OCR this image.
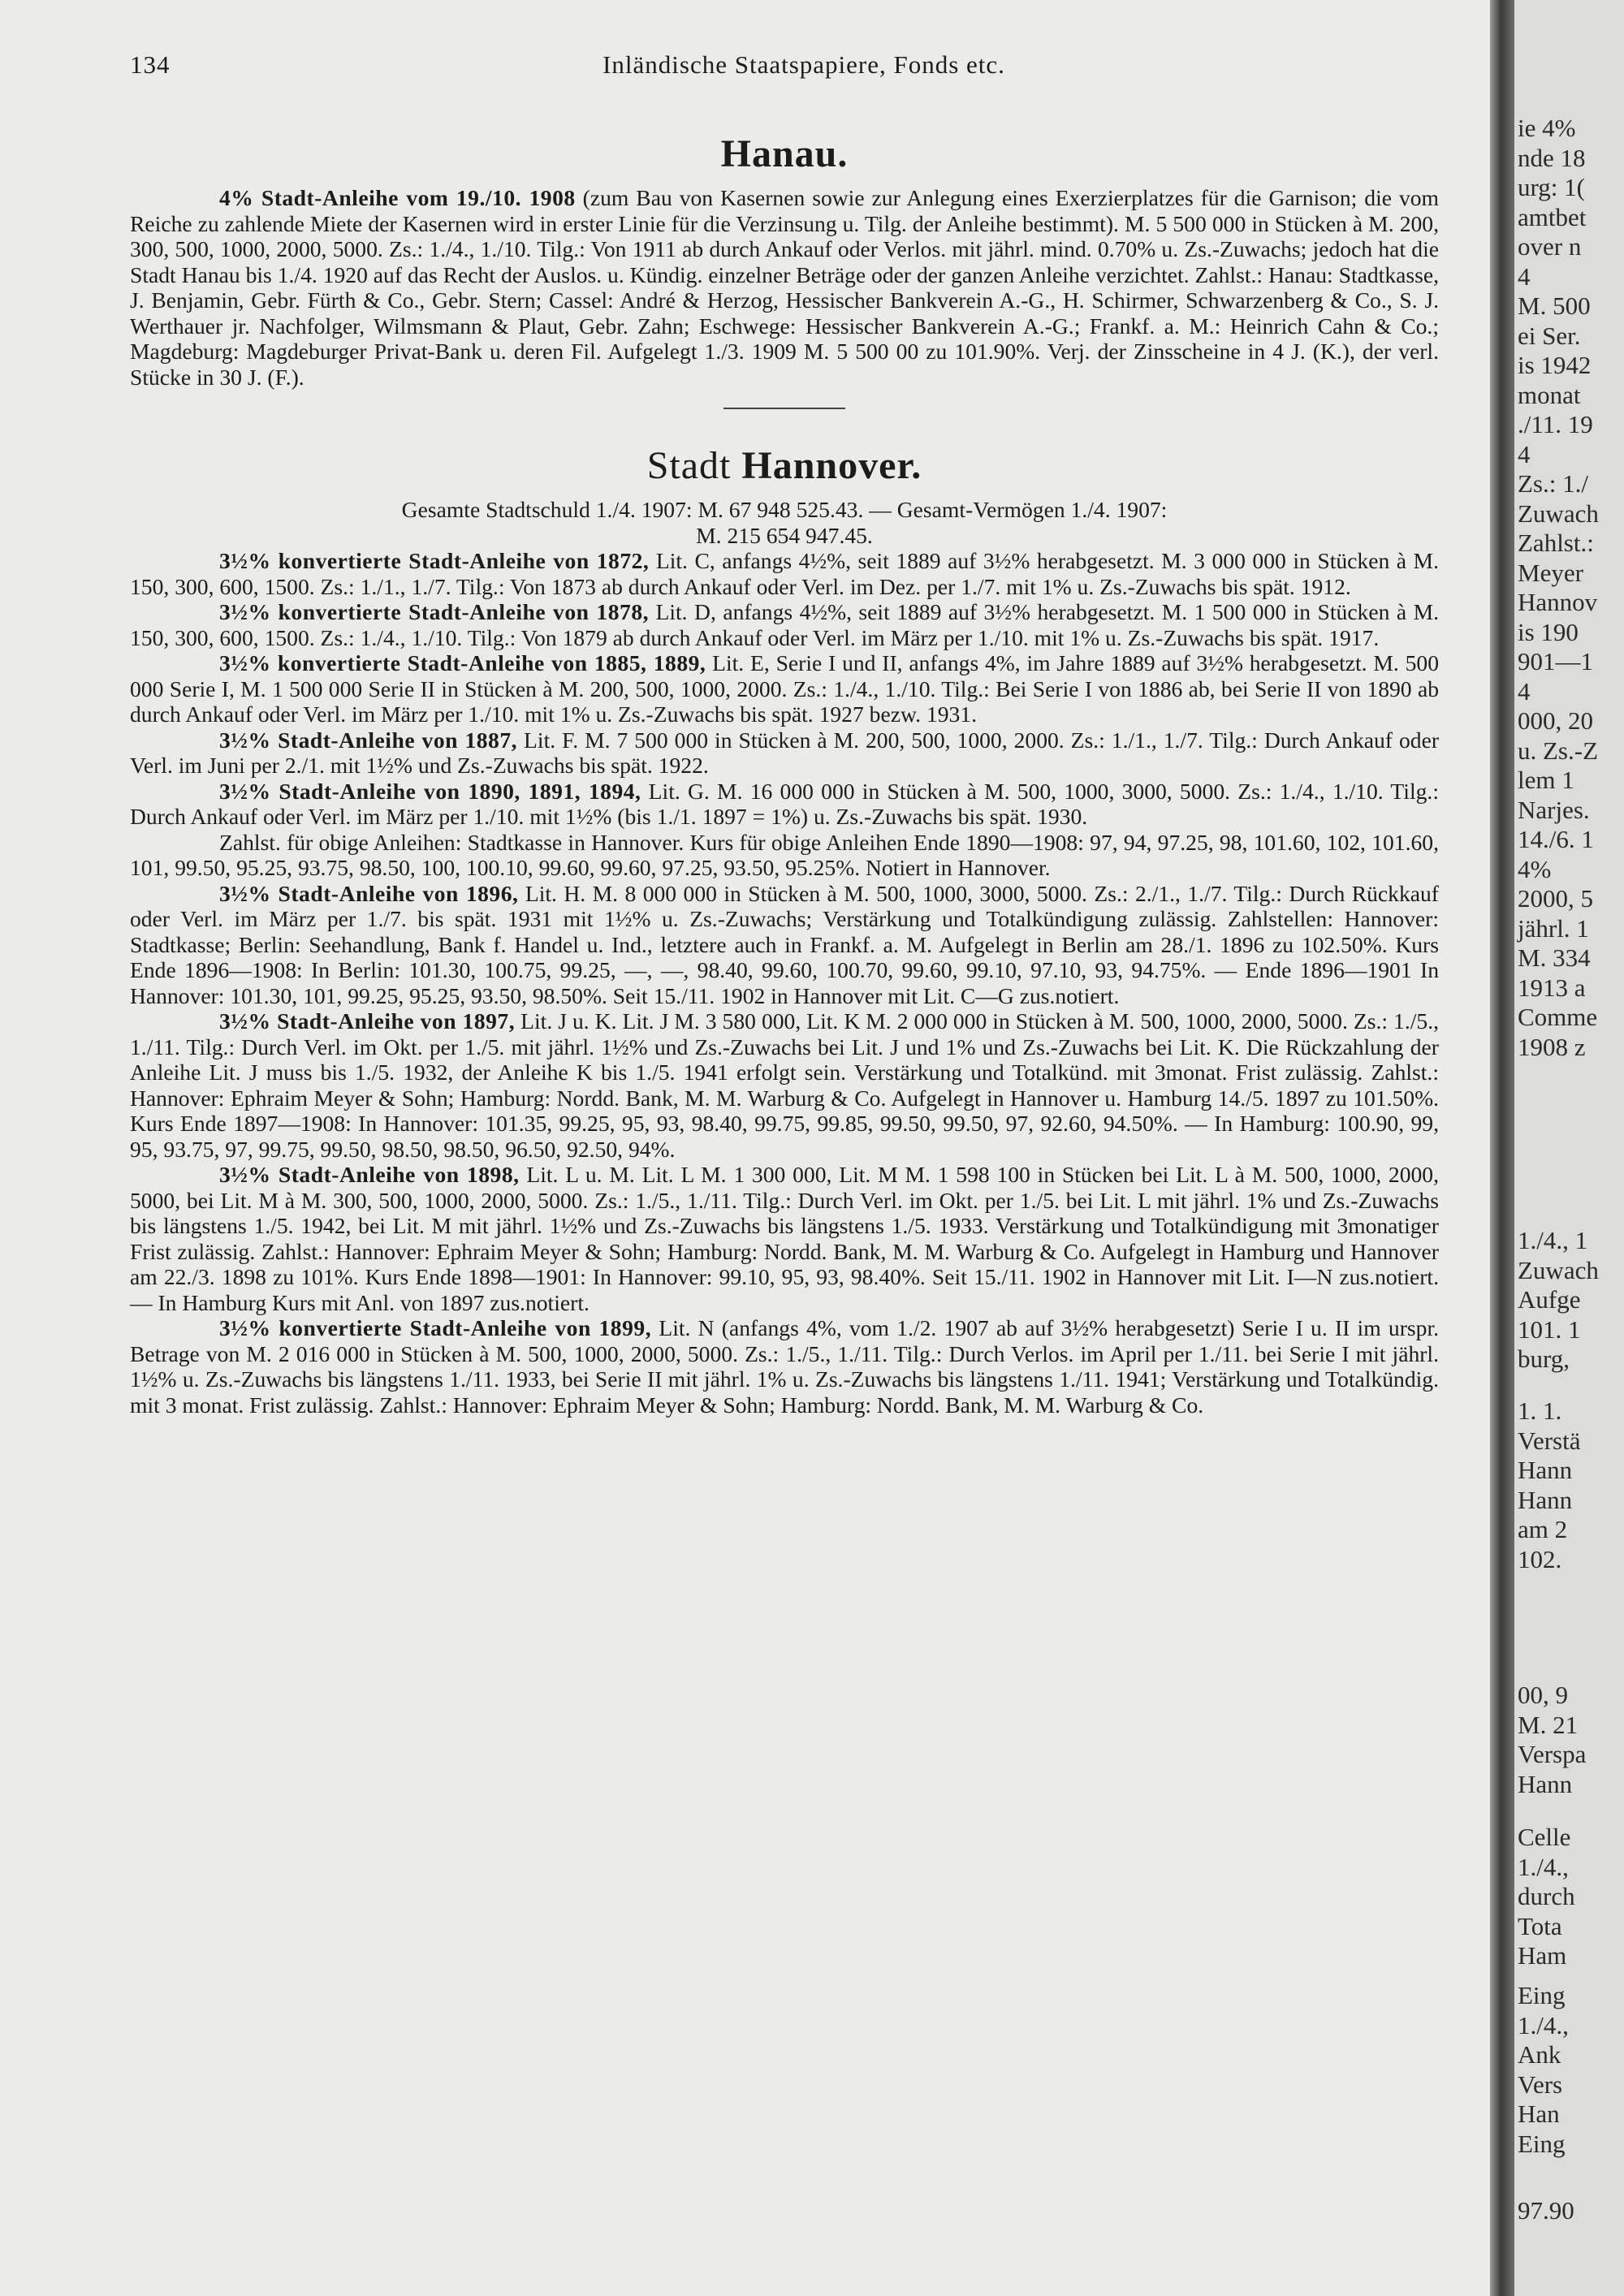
134	Inländische Staatspapiere, Fonds etc.
Hanau.

4% Stadt-Anleihe vom 19./10. 1908 (zum Bau von Kasernen sowie zur Anlegung eines Exerzierplatzes für die Garnison; die vom Reiche zu zahlende Miete der Kasernen wird in erster Linie für die Verzinsung u. Tilg. der Anleihe bestimmt). M. 5 500 000 in Stücken à M. 200, 300, 500, 1000, 2000, 5000. Zs.: 1./4., 1./10. Tilg.: Von 1911 ab durch Ankauf oder Verlos. mit jährl. mind. 0.70% u. Zs.-Zuwachs; jedoch hat die Stadt Hanau bis 1./4. 1920 auf das Recht der Auslos. u. Kündig. einzelner Beträge oder der ganzen Anleihe verzichtet. Zahlst.: Hanau: Stadtkasse, J. Benjamin, Gebr. Fürth & Co., Gebr. Stern; Cassel: André & Herzog, Hessischer Bankverein A.-G., H. Schirmer, Schwarzenberg & Co., S. J. Werthauer jr. Nachfolger, Wilmsmann & Plaut, Gebr. Zahn; Eschwege: Hessischer Bankverein A.-G.; Frankf. a. M.: Heinrich Cahn & Co.; Magdeburg: Magdeburger Privat-Bank u. deren Fil. Aufgelegt 1./3. 1909 M. 5 500 00 zu 101.90%. Verj. der Zinsscheine in 4 J. (K.), der verl. Stücke in 30 J. (F.).

Stadt Hannover.

Gesamte Stadtschuld 1./4. 1907: M. 67 948 525.43. — Gesamt-Vermögen 1./4. 1907:

M. 215 654 947.45.

3½% konvertierte Stadt-Anleihe von 1872, Lit. C, anfangs 4½%, seit 1889 auf 3½% herabgesetzt. M. 3 000 000 in Stücken à M. 150, 300, 600, 1500. Zs.: 1./1., 1./7. Tilg.: Von 1873 ab durch Ankauf oder Verl. im Dez. per 1./7. mit 1% u. Zs.-Zuwachs bis spät. 1912.

3½% konvertierte Stadt-Anleihe von 1878, Lit. D, anfangs 4½%, seit 1889 auf 3½% herabgesetzt. M. 1 500 000 in Stücken à M. 150, 300, 600, 1500. Zs.: 1./4., 1./10. Tilg.: Von 1879 ab durch Ankauf oder Verl. im März per 1./10. mit 1% u. Zs.-Zuwachs bis spät. 1917.

3½% konvertierte Stadt-Anleihe von 1885, 1889, Lit. E, Serie I und II, anfangs 4%, im Jahre 1889 auf 3½% herabgesetzt. M. 500 000 Serie I, M. 1 500 000 Serie II in Stücken à M. 200, 500, 1000, 2000. Zs.: 1./4., 1./10. Tilg.: Bei Serie I von 1886 ab, bei Serie II von 1890 ab durch Ankauf oder Verl. im März per 1./10. mit 1% u. Zs.-Zuwachs bis spät. 1927 bezw. 1931.

3½% Stadt-Anleihe von 1887, Lit. F. M. 7 500 000 in Stücken à M. 200, 500, 1000, 2000. Zs.: 1./1., 1./7. Tilg.: Durch Ankauf oder Verl. im Juni per 2./1. mit 1½% und Zs.-Zuwachs bis spät. 1922.

3½% Stadt-Anleihe von 1890, 1891, 1894, Lit. G. M. 16 000 000 in Stücken à M. 500, 1000, 3000, 5000. Zs.: 1./4., 1./10. Tilg.: Durch Ankauf oder Verl. im März per 1./10. mit 1½% (bis 1./1. 1897 = 1%) u. Zs.-Zuwachs bis spät. 1930.

Zahlst. für obige Anleihen: Stadtkasse in Hannover. Kurs für obige Anleihen Ende 1890—1908: 97, 94, 97.25, 98, 101.60, 102, 101.60, 101, 99.50, 95.25, 93.75, 98.50, 100, 100.10, 99.60, 99.60, 97.25, 93.50, 95.25%. Notiert in Hannover.

3½% Stadt-Anleihe von 1896, Lit. H. M. 8 000 000 in Stücken à M. 500, 1000, 3000, 5000. Zs.: 2./1., 1./7. Tilg.: Durch Rückkauf oder Verl. im März per 1./7. bis spät. 1931 mit 1½% u. Zs.-Zuwachs; Verstärkung und Totalkündigung zulässig. Zahlstellen: Hannover: Stadtkasse; Berlin: Seehandlung, Bank f. Handel u. Ind., letztere auch in Frankf. a. M. Aufgelegt in Berlin am 28./1. 1896 zu 102.50%. Kurs Ende 1896—1908: In Berlin: 101.30, 100.75, 99.25, —, —, 98.40, 99.60, 100.70, 99.60, 99.10, 97.10, 93, 94.75%. — Ende 1896—1901 In Hannover: 101.30, 101, 99.25, 95.25, 93.50, 98.50%. Seit 15./11. 1902 in Hannover mit Lit. C—G zus.notiert.

3½% Stadt-Anleihe von 1897, Lit. J u. K. Lit. J M. 3 580 000, Lit. K M. 2 000 000 in Stücken à M. 500, 1000, 2000, 5000. Zs.: 1./5., 1./11. Tilg.: Durch Verl. im Okt. per 1./5. mit jährl. 1½% und Zs.-Zuwachs bei Lit. J und 1% und Zs.-Zuwachs bei Lit. K. Die Rückzahlung der Anleihe Lit. J muss bis 1./5. 1932, der Anleihe K bis 1./5. 1941 erfolgt sein. Verstärkung und Totalkünd. mit 3monat. Frist zulässig. Zahlst.: Hannover: Ephraim Meyer & Sohn; Hamburg: Nordd. Bank, M. M. Warburg & Co. Aufgelegt in Hannover u. Hamburg 14./5. 1897 zu 101.50%. Kurs Ende 1897—1908: In Hannover: 101.35, 99.25, 95, 93, 98.40, 99.75, 99.85, 99.50, 99.50, 97, 92.60, 94.50%. — In Hamburg: 100.90, 99, 95, 93.75, 97, 99.75, 99.50, 98.50, 98.50, 96.50, 92.50, 94%.

3½% Stadt-Anleihe von 1898, Lit. L u. M. Lit. L M. 1 300 000, Lit. M M. 1 598 100 in Stücken bei Lit. L à M. 500, 1000, 2000, 5000, bei Lit. M à M. 300, 500, 1000, 2000, 5000. Zs.: 1./5., 1./11. Tilg.: Durch Verl. im Okt. per 1./5. bei Lit. L mit jährl. 1% und Zs.-Zuwachs bis längstens 1./5. 1942, bei Lit. M mit jährl. 1½% und Zs.-Zuwachs bis längstens 1./5. 1933. Verstärkung und Totalkündigung mit 3monatiger Frist zulässig. Zahlst.: Hannover: Ephraim Meyer & Sohn; Hamburg: Nordd. Bank, M. M. Warburg & Co. Aufgelegt in Hamburg und Hannover am 22./3. 1898 zu 101%. Kurs Ende 1898—1901: In Hannover: 99.10, 95, 93, 98.40%. Seit 15./11. 1902 in Hannover mit Lit. I—N zus.notiert. — In Hamburg Kurs mit Anl. von 1897 zus.notiert.

3½% konvertierte Stadt-Anleihe von 1899, Lit. N (anfangs 4%, vom 1./2. 1907 ab auf 3½% herabgesetzt) Serie I u. II im urspr. Betrage von M. 2 016 000 in Stücken à M. 500, 1000, 2000, 5000. Zs.: 1./5., 1./11. Tilg.: Durch Verlos. im April per 1./11. bei Serie I mit jährl. 1½% u. Zs.-Zuwachs bis längstens 1./11. 1933, bei Serie II mit jährl. 1% u. Zs.-Zuwachs bis längstens 1./11. 1941; Verstärkung und Totalkündig. mit 3 monat. Frist zulässig. Zahlst.: Hannover: Ephraim Meyer & Sohn; Hamburg: Nordd. Bank, M. M. Warburg & Co.

ie 4%
nde 18
urg: 1(
amtbet
over n
4
M. 500
ei Ser.
is 1942
monat
./11. 19
4
Zs.: 1./
Zuwach
Zahlst.:
Meyer
Hannov
is 190
901—1
4
000, 20
u. Zs.-Z
lem 1
Narjes.
14./6. 1
4%
2000, 5
jährl. 1
M. 334
1913 a
Comme
1908 z
1./4., 1
Zuwach
Aufge
101. 1
burg,
1. 1.
Verstä
Hann
Hann
am 2
102.
00, 9
M. 21
Verspa
Hann
Celle
1./4.,
durch
Tota
Ham
Eing
1./4.,
Ank
Vers
Han
Eing
97.90
